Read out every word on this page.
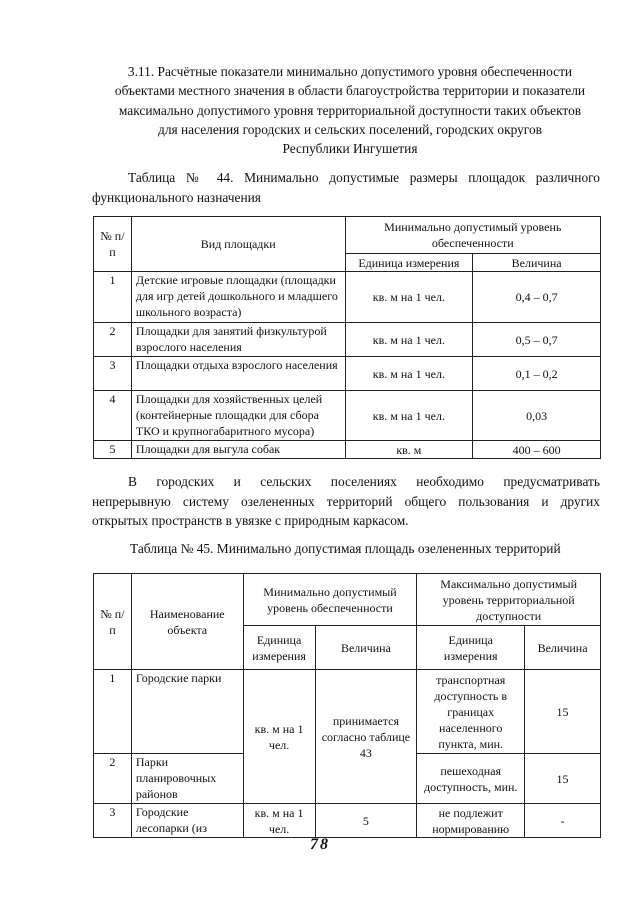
3.11. Расчётные показатели минимально допустимого уровня обеспеченности
объектами местного значения в области благоустройства территории и показатели
максимально допустимого уровня территориальной доступности таких объектов
для населения городских и сельских поселений, городских округов
Республики Ингушетия
Таблица № 44. Минимально допустимые размеры площадок различного
функционального назначения
№ п/п	Вид площадки	Минимально допустимый уровень обеспеченности	
		Единица измерения	Величина
1	Детские игровые площадки (площадки для игр детей дошкольного и младшего школьного возраста)	кв. м на 1 чел.	0,4 – 0,7
2	Площадки для занятий физкультурой взрослого населения	кв. м на 1 чел.	0,5 – 0,7
3	Площадки отдыха взрослого населения	кв. м на 1 чел.	0,1 – 0,2
4	Площадки для хозяйственных целей (контейнерные площадки для сбора ТКО и крупногабаритного мусора)	кв. м на 1 чел.	0,03
5	Площадки для выгула собак	кв. м	400 – 600
В городских и сельских поселениях необходимо предусматривать
непрерывную систему озелененных территорий общего пользования и других
открытых пространств в увязке с природным каркасом.
Таблица № 45. Минимально допустимая площадь озелененных территорий
№ п/п	Наименование объекта	Минимально допустимый уровень обеспеченности		Максимально допустимый уровень территориальной доступности	
		Единица измерения	Величина	Единица измерения	Величина
1	Городские парки	кв. м на 1 чел.	принимается согласно таблице 43	транспортная доступность в границах населенного пункта, мин.	15
2	Парки планировочных районов			пешеходная доступность, мин.	15
3	Городские лесопарки (из	кв. м на 1 чел.	5	не подлежит нормированию	-
78
